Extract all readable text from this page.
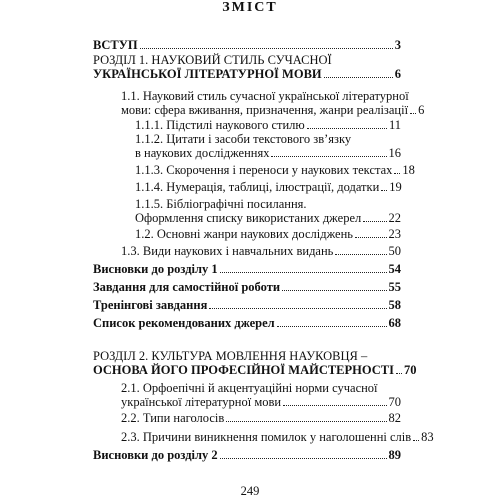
ЗМІСТ
ВСТУП	3
РОЗДІЛ 1. НАУКОВИЙ СТИЛЬ СУЧАСНОЇ
УКРАЇНСЬКОЇ ЛІТЕРАТУРНОЇ МОВИ	6
1.1. Науковий стиль сучасної української літературної
мови: сфера вживання, призначення, жанри реалізації 6
1.1.1. Підстилі наукового стилю	11
1.1.2. Цитати і засоби текстового зв’язку
в наукових дослідженнях	16
1.1.3. Скорочення і переноси у наукових текстах 18
1.1.4. Нумерація, таблиці, ілюстрації, додатки 19
1.1.5. Бібліографічні посилання.
Оформлення списку використаних джерел 22
1.2. Основні жанри наукових досліджень	23
1.3. Види наукових і навчальних видань	50
Висновки до розділу 1	54
Завдання для самостійної роботи	55
Тренінгові завдання	58
Список рекомендованих джерел	68
РОЗДІЛ 2. КУЛЬТУРА МОВЛЕННЯ НАУКОВЦЯ –
ОСНОВА ЙОГО ПРОФЕСІЙНОЇ МАЙСТЕРНОСТІ 70
2.1. Орфоепічні й акцентуаційні норми сучасної
української літературної мови	70
2.2. Типи наголосів	82
2.3. Причини виникнення помилок у наголошенні слів 83
Висновки до розділу 2	89
249
